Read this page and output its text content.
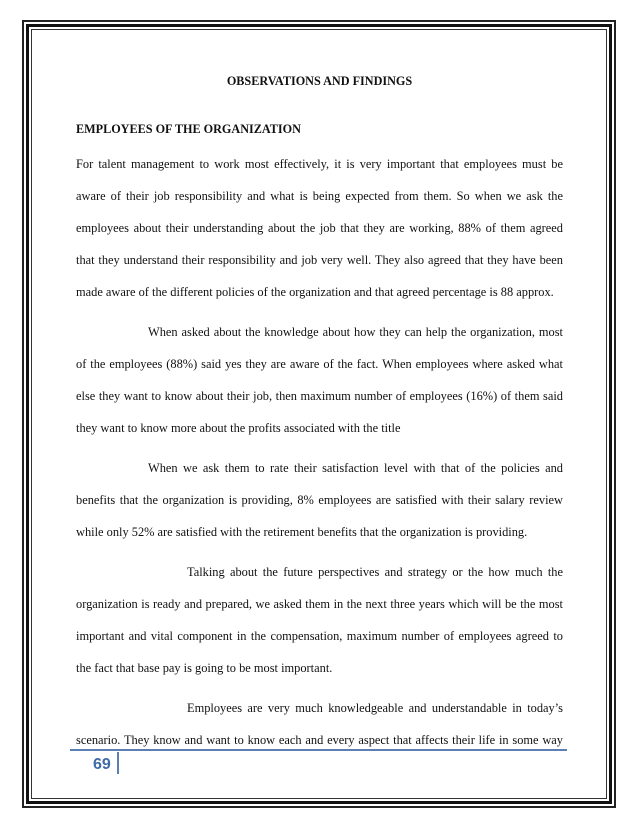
OBSERVATIONS AND FINDINGS
EMPLOYEES OF THE ORGANIZATION
For talent management to work most effectively, it is very important that employees must be
aware of their job responsibility and what is being expected from them. So when we ask the
employees about their understanding about the job that they are working, 88% of them agreed
that they understand their responsibility and job very well. They also agreed that they have been
made aware of the different policies of the organization and that agreed percentage is 88 approx.
When asked about the knowledge about how they can help the organization, most
of the employees (88%) said yes they are aware of the fact. When employees where asked what
else they want to know about their job, then maximum number of employees (16%) of them said
they want to know more about the profits associated with the title
When we ask them to rate their satisfaction level with that of the policies and
benefits that the organization is providing, 8% employees are satisfied with their salary review
while only 52% are satisfied with the retirement benefits that the organization is providing.
Talking about the future perspectives and strategy or the how much the
organization is ready and prepared, we asked them in the next three years which will be the most
important and vital component in the compensation, maximum number of employees agreed to
the fact that base pay is going to be most important.
Employees are very much knowledgeable and understandable in today’s
scenario. They know and want to know each and every aspect that affects their life in some way
69
